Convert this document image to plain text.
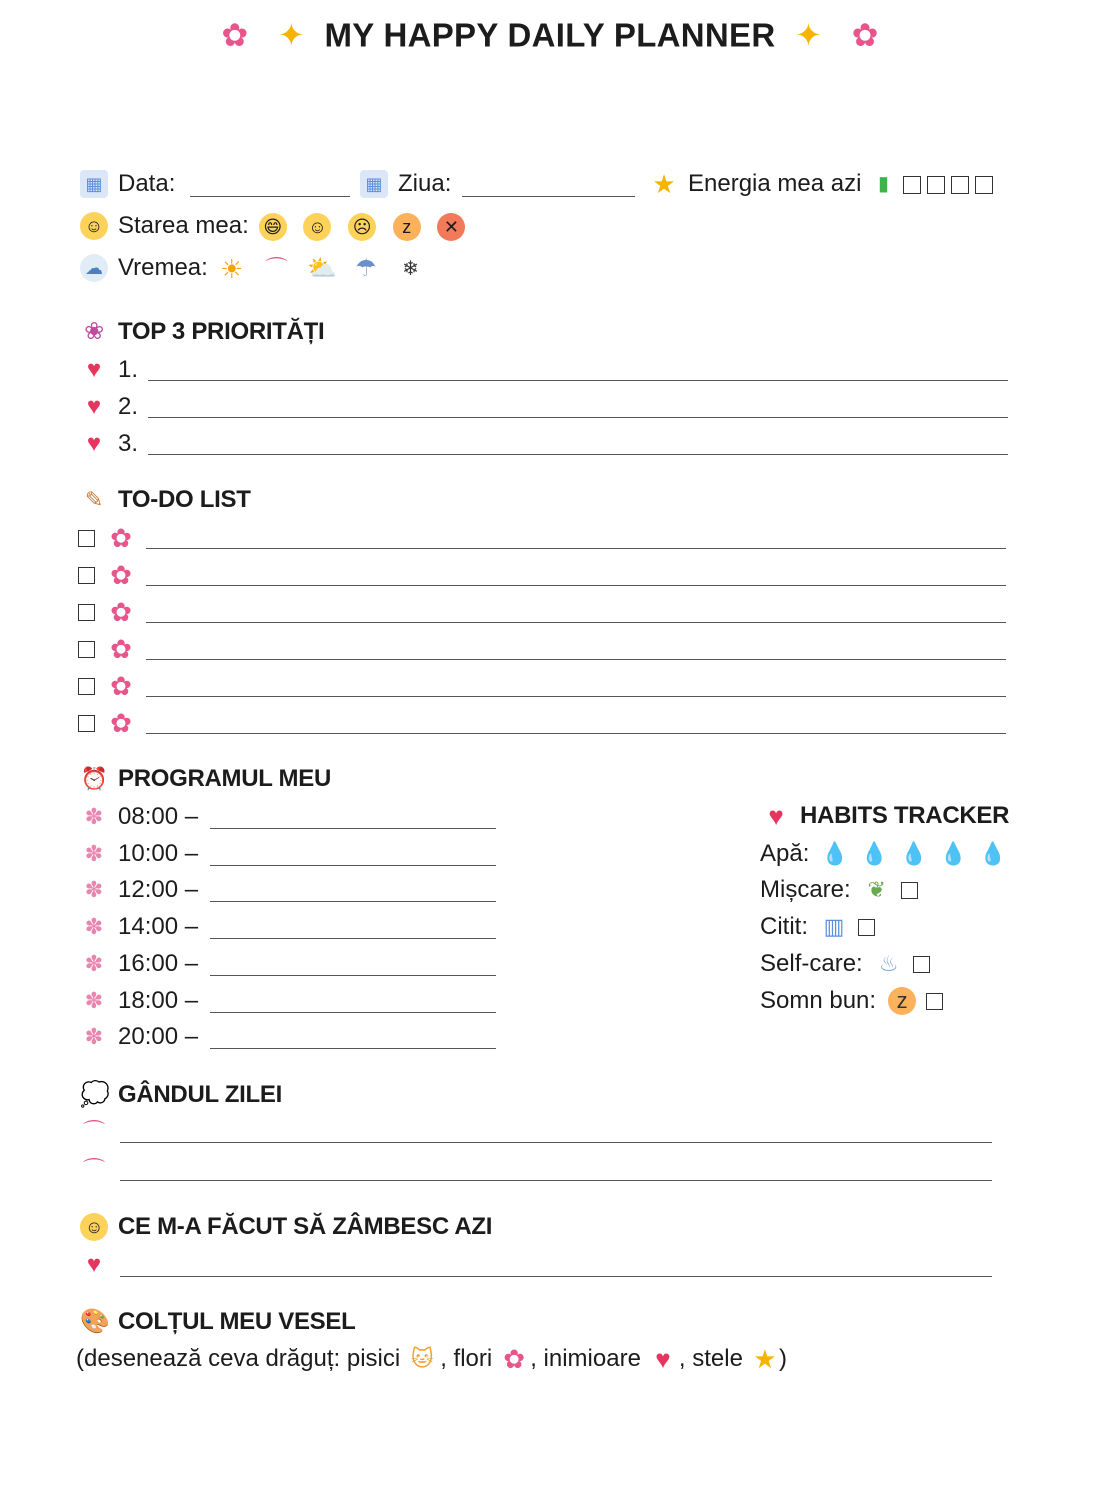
✿ ✦ MY HAPPY DAILY PLANNER ✦ ✿
▦ Data:	▦ Ziua:	★ Energia mea azi ▮
☺ Starea mea: 😄 ☺ ☹ z ✕
☁ Vremea: ☀ ⌒ ⛅ ☂ ❄
❀ TOP 3 PRIORITĂȚI
♥ 1.
♥ 2.
♥ 3.
✎ TO-DO LIST
✿
✿
✿
✿
✿
✿
⏰ PROGRAMUL MEU
✽ 08:00 –
✽ 10:00 –
✽ 12:00 –
✽ 14:00 –
✽ 16:00 –
✽ 18:00 –
✽ 20:00 –
♥ HABITS TRACKER
Apă: 💧 💧 💧 💧 💧
Mișcare: ❦
Citit: ▥
Self-care: ♨
Somn bun: z
💭 GÂNDUL ZILEI
⌒
⌒
☺ CE M-A FĂCUT SĂ ZÂMBESC AZI
♥
🎨 COLȚUL MEU VESEL
(desenează ceva drăguț: pisici 🐱 , flori ✿ , inimioare ♥ , stele ★ )
